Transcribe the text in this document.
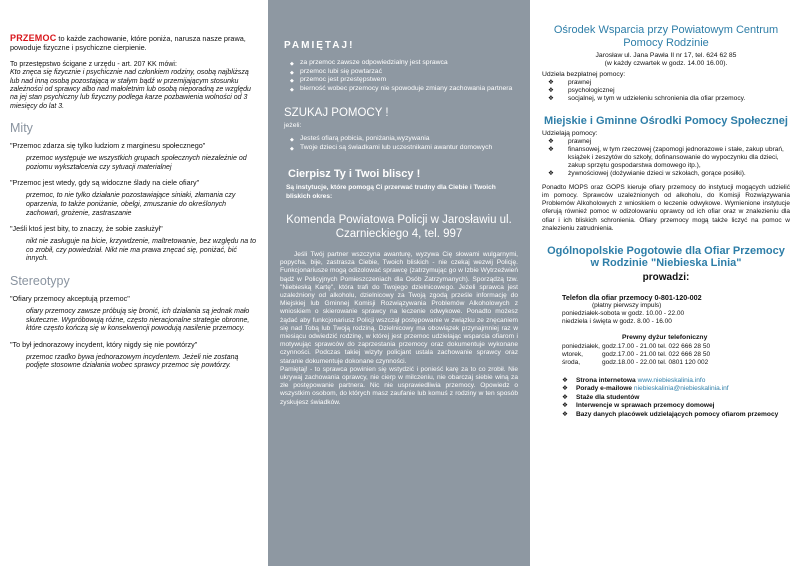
PRZEMOC to każde zachowanie, które poniża, narusza nasze prawa, powoduje fizyczne i psychiczne cierpienie.

To przestępstwo ścigane z urzędu - art. 207 KK mówi:
Kto znęca się fizycznie i psychicznie nad członkiem rodziny, osobą najbliższą lub nad inną osobą pozostającą w stałym bądź w przemijającym stosunku zależności od sprawcy albo nad małoletnim lub osobą nieporadną ze względu na jej stan psychiczny lub fizyczny podlega karze pozbawienia wolności od 3 miesięcy do lat 3.

Mity

"Przemoc zdarza się tylko ludziom z marginesu społecznego"

przemoc występuje we wszystkich grupach społecznych niezależnie od poziomu wykształcenia czy sytuacji materialnej

"Przemoc jest wtedy, gdy są widoczne ślady na ciele ofiary"

przemoc, to nie tylko działanie pozostawiające siniaki, złamania czy oparzenia, to także poniżanie, obelgi, zmuszanie do określonych zachowań, grożenie, zastraszanie

"Jeśli ktoś jest bity, to znaczy, że sobie zasłużył"

nikt nie zasługuje na bicie, krzywdzenie, maltretowanie, bez względu na to co zrobił, czy powiedział. Nikt nie ma prawa znęcać się, poniżać, bić innych.

Stereotypy

"Ofiary przemocy akceptują przemoc"

ofiary przemocy zawsze próbują się bronić, ich działania są jednak mało skuteczne. Wypróbowują różne, często nieracjonalne strategie obronne, które często kończą się w konsekwencji powodują nasilenie przemocy.

"To był jednorazowy incydent, który nigdy się nie powtórzy"

przemoc rzadko bywa jednorazowym incydentem. Jeżeli nie zostaną podjęte stosowne działania wobec sprawcy przemoc się powtórzy.

PAMIĘTAJ!
◆ za przemoc zawsze odpowiedzialny jest sprawca
◆ przemoc lubi się powtarzać
◆ przemoc jest przestępstwem
◆ bierność wobec przemocy nie spowoduje zmiany zachowania partnera
SZUKAJ POMOCY !

jeżeli:

◆ Jesteś ofiarą pobicia, poniżania,wyzywania
◆ Twoje dzieci są świadkami lub uczestnikami awantur domowych
Cierpisz Ty i Twoi bliscy !

Są instytucje, które pomogą Ci przerwać trudny dla Ciebie i Twoich bliskich okres:

Komenda Powiatowa Policji w Jarosławiu ul. Czarnieckiego 4, tel. 997

Jeśli Twój partner wszczyna awanturę, wyzywa Cię słowami wulgarnymi, popycha, bije, zastrasza Ciebie, Twoich bliskich - nie czekaj wezwij Policję. Funkcjonariusze mogą odizolować sprawcę (zatrzymując go w Izbie Wytrzeźwień bądź w Policyjnych Pomieszczeniach dla Osób Zatrzymanych). Sporządzą tzw. "Niebieską Kartę", która trafi do Twojego dzielnicowego. Jeżeli sprawca jest uzależniony od alkoholu, dzielnicowy za Twoją zgodą prześle informację do Miejskiej lub Gminnej Komisji Rozwiązywania Problemów Alkoholowych z wnioskiem o skierowanie sprawcy na leczenie odwykowe. Ponadto możesz żądać aby funkcjonariusz Policji wszczął postępowanie w związku ze znęcaniem się nad Tobą lub Twoją rodziną. Dzielnicowy ma obowiązek przynajmniej raz w miesiącu odwiedzić rodzinę, w której jest przemoc udzielając wsparcia ofiarom i motywując sprawców do zaprzestania przemocy oraz dokumentuje wykonane czynności. Podczas takiej wizyty policjant ustala zachowanie sprawcy oraz staranie dokumentuje dokonane czynności.

Pamiętaj! - to sprawca powinien się wstydzić i ponieść karę za to co zrobił. Nie ukrywaj zachowania oprawcy, nie cierp w milczeniu, nie obarczaj siebie winą za złe postępowanie partnera. Nic nie usprawiedliwia przemocy. Opowiedz o wszystkim osobom, do których masz zaufanie lub komuś z rodziny w ten sposób zyskujesz świadków.

Ośrodek Wsparcia przy Powiatowym Centrum Pomocy Rodzinie

Jarosław ul. Jana Pawła II nr 17, tel. 624 62 85

(w każdy czwartek w godz. 14.00 16.00).

Udziela bezpłatnej pomocy:

❖ prawnej
❖ psychologicznej
❖ socjalnej, w tym w udzieleniu schronienia dla ofiar przemocy.
Miejskie i Gminne Ośrodki Pomocy Społecznej

Udzielają pomocy:

❖ prawnej
❖ finansowej, w tym rzeczowej (zapomogi jednorazowe i stałe, zakup ubrań, książek i zeszytów do szkoły, dofinansowanie do wypoczynku dla dzieci, zakup sprzętu gospodarstwa domowego itp.),
❖ żywnościowej (dożywianie dzieci w szkołach, gorące posiłki).

Ponadto MOPS oraz GOPS kieruje ofiary przemocy do instytucji mogących udzielić im pomocy. Sprawców uzależnionych od alkoholu, do Komisji Rozwiązywania Problemów Alkoholowych z wnioskiem o leczenie odwykowe. Wymienione instytucje oferują również pomoc w odizolowaniu oprawcy od ich ofiar oraz w znalezieniu dla ofiar i ich bliskich schronienia. Ofiary przemocy mogą także liczyć na pomoc w znalezieniu zatrudnienia.

Ogólnopolskie Pogotowie dla Ofiar Przemocy w Rodzinie "Niebieska Linia"
prowadzi:

Telefon dla ofiar przemocy 0-801-120-002

(płatny pierwszy impuls)

poniedziałek-sobota w godz. 10.00 - 22.00

niedziela i święta w godz. 8.00 - 16.00

Prewny dyżur telefoniczny
poniedziałek, godz.17.00 - 21.00 tel. 022 666 28 50
wtorek,	godz.17.00 - 21.00 tel. 022 666 28 50
środa,	godz.18.00 - 22.00 tel. 0801 120 002
❖ Strona internetowa www.niebieskalinia.info
❖ Porady e-mailowe niebieskalinia@niebieskalinia.inf
❖ Staże dla studentów
❖ Interwencje w sprawach przemocy domowej
❖ Bazy danych placówek udzielających pomocy ofiarom przemocy
